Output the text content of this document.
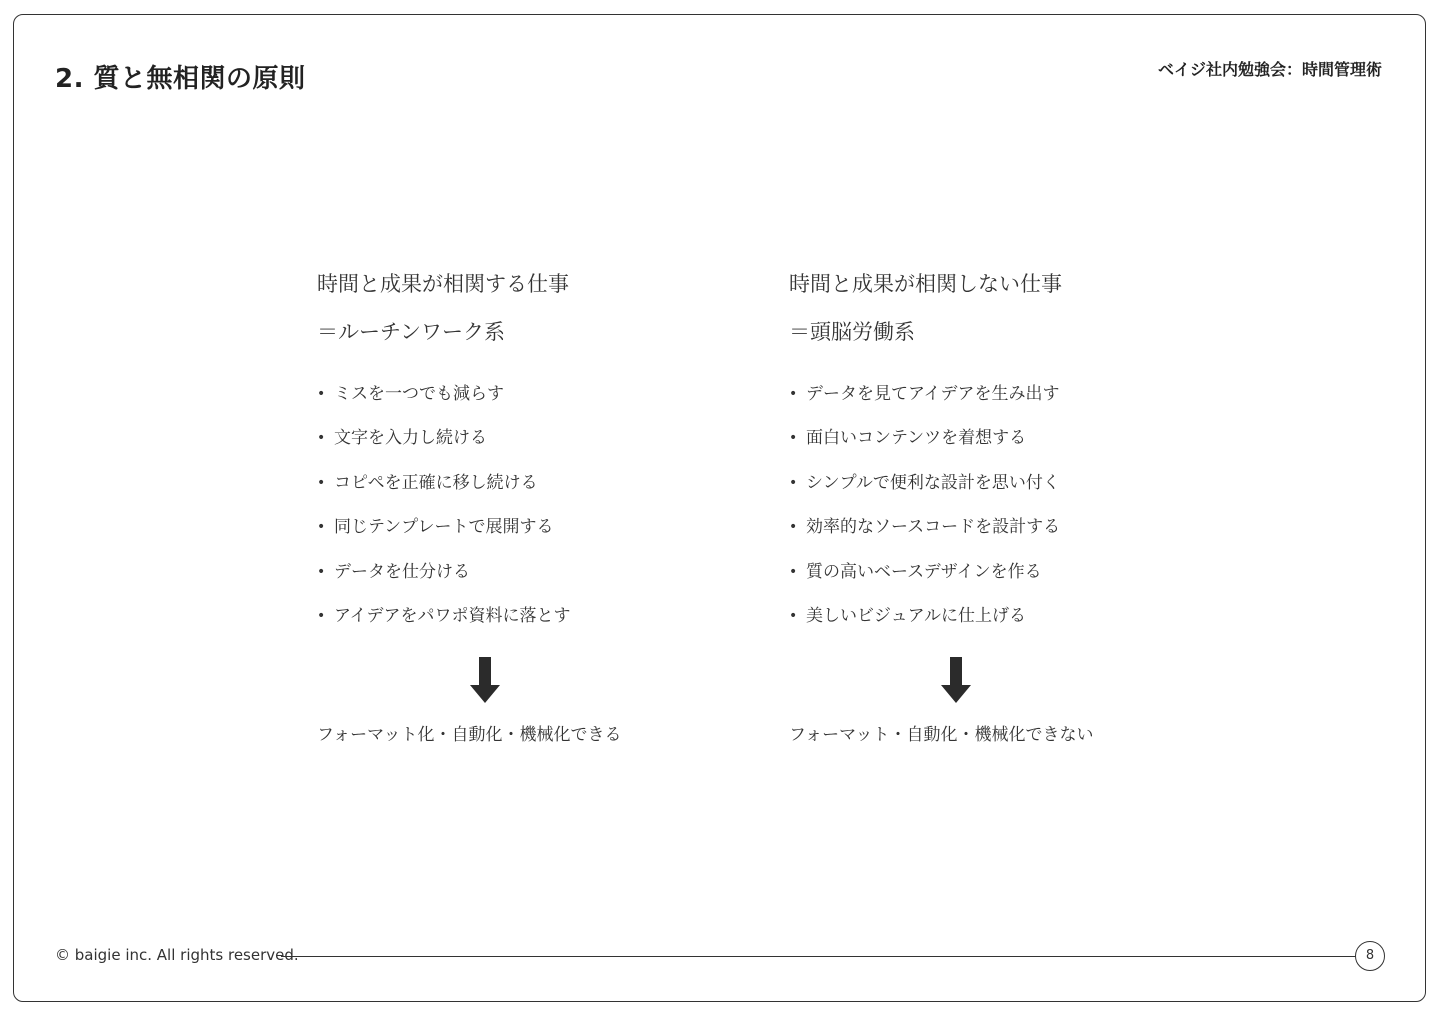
2. 質と無相関の原則	ベイジ社内勉強会：時間管理術
時間と成果が相関する仕事
＝ルーチンワーク系
• ミスを一つでも減らす
• 文字を入力し続ける
• コピペを正確に移し続ける
• 同じテンプレートで展開する
• データを仕分ける
• アイデアをパワポ資料に落とす
フォーマット化・自動化・機械化できる
時間と成果が相関しない仕事
＝頭脳労働系
• データを見てアイデアを生み出す
• 面白いコンテンツを着想する
• シンプルで便利な設計を思い付く
• 効率的なソースコードを設計する
• 質の高いベースデザインを作る
• 美しいビジュアルに仕上げる
フォーマット・自動化・機械化できない
© baigie inc. All rights reserved.	8
